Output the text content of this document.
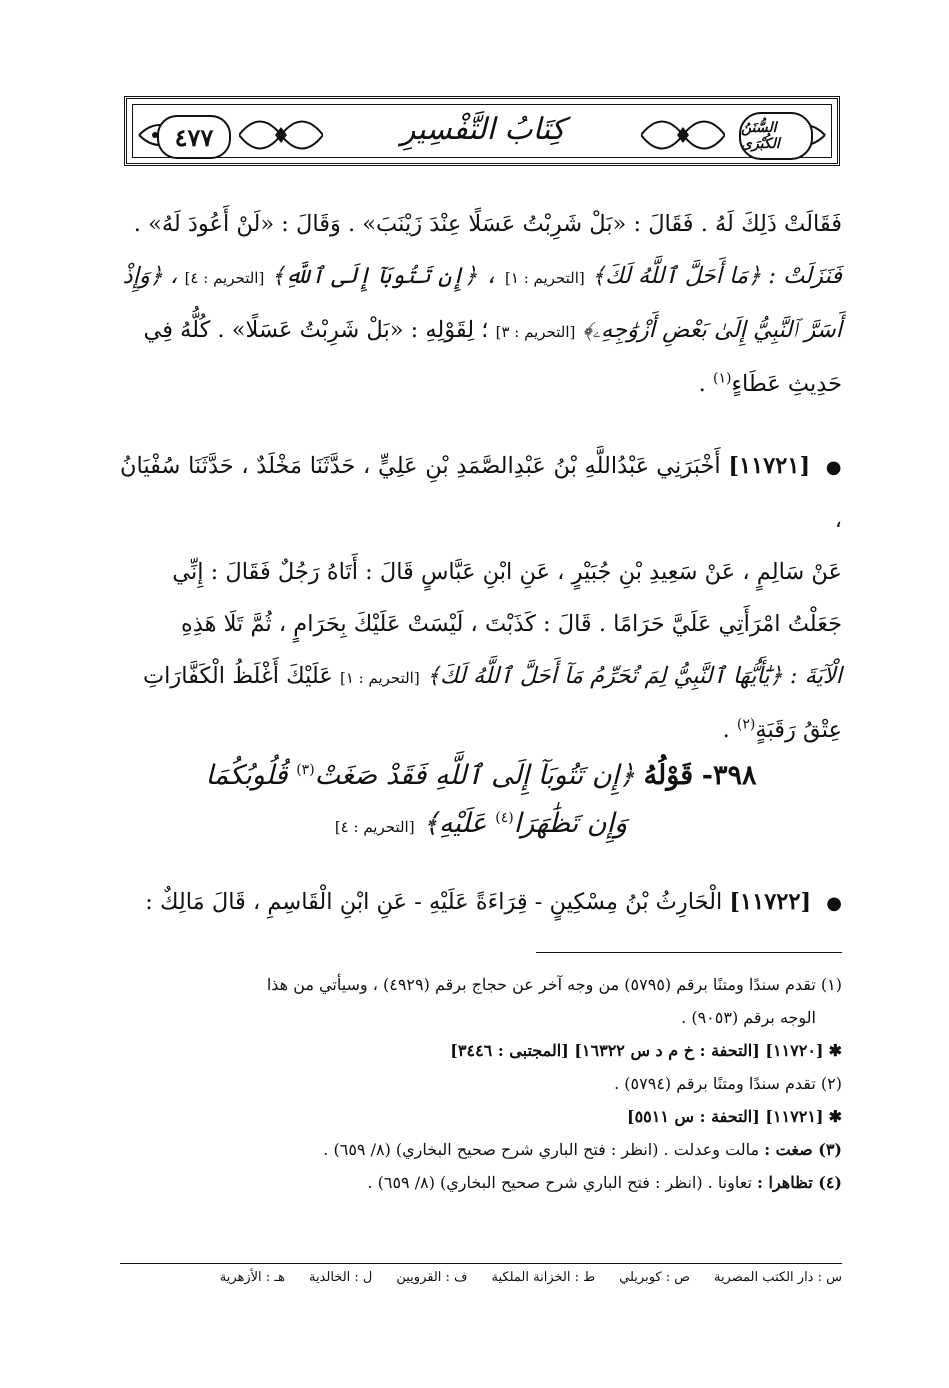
٤٧٧	كِتَابُ التَّفْسِيرِ	السُّنَنُ الكُبْرَى
فَقَالَتْ ذَلِكَ لَهُ . فَقَالَ : «بَلْ شَرِبْتُ عَسَلًا عِنْدَ زَيْنَبَ» . وَقَالَ : «لَنْ أَعُودَ لَهُ» .
فَنَزَلَتْ : ﴿مَا أَحَلَّ ٱللَّهُ لَكَ﴾ [التحريم : ١] ، ﴿إِن تَتُوبَآ إِلَى ٱللَّهِ﴾ [التحريم : ٤] ، ﴿وَإِذْ
أَسَرَّ ٱلنَّبِيُّ إِلَىٰ بَعْضِ أَزْوَٰجِهِۦ﴾ [التحريم : ٣] ؛ لِقَوْلِهِ : «بَلْ شَرِبْتُ عَسَلًا» . كُلُّهُ فِي
حَدِيثِ عَطَاءٍ$^{(١)}$ .
● [١١٧٢١] أَخْبَرَنِي عَبْدُاللَّهِ بْنُ عَبْدِالصَّمَدِ بْنِ عَلِيٍّ ، حَدَّثَنَا مَخْلَدٌ ، حَدَّثَنَا سُفْيَانُ ،
عَنْ سَالِمٍ ، عَنْ سَعِيدِ بْنِ جُبَيْرٍ ، عَنِ ابْنِ عَبَّاسٍ قَالَ : أَتَاهُ رَجُلٌ فَقَالَ : إِنِّي
جَعَلْتُ امْرَأَتِي عَلَيَّ حَرَامًا . قَالَ : كَذَبْتَ ، لَيْسَتْ عَلَيْكَ بِحَرَامٍ ، ثُمَّ تَلَا هَذِهِ
الْآيَةَ : ﴿يَٰٓأَيُّهَا ٱلنَّبِيُّ لِمَ تُحَرِّمُ مَآ أَحَلَّ ٱللَّهُ لَكَ﴾ [التحريم : ١] عَلَيْكَ أَغْلَظُ الْكَفَّارَاتِ
عِتْقُ رَقَبَةٍ$^{(٢)}$ .
٣٩٨- قَوْلُهُ ﴿إِن تَتُوبَآ إِلَى ٱللَّهِ فَقَدْ صَغَتْ$^{(٣)}$ قُلُوبُكُمَا
وَإِن تَظَٰهَرَا$^{(٤)}$ عَلَيْهِ﴾ [التحريم : ٤]
● [١١٧٢٢] الْحَارِثُ بْنُ مِسْكِينٍ - قِرَاءَةً عَلَيْهِ - عَنِ ابْنِ الْقَاسِمِ ، قَالَ مَالِكٌ :
(١) تقدم سندًا ومتنًا برقم (٥٧٩٥) من وجه آخر عن حجاج برقم (٤٩٢٩) ، وسيأتي من هذا
الوجه برقم (٩٠٥٣) .
✱ [١١٧٢٠] [التحفة : خ م د س ١٦٣٢٢] [المجتبى : ٣٤٤٦]
(٢) تقدم سندًا ومتنًا برقم (٥٧٩٤) .
✱ [١١٧٢١] [التحفة : س ٥٥١١]
(٣) صغت : مالت وعدلت . (انظر : فتح الباري شرح صحيح البخاري) (٨/ ٦٥٩) .
(٤) تظاهرا : تعاونا . (انظر : فتح الباري شرح صحيح البخاري) (٨/ ٦٥٩) .
س : دار الكتب المصرية
ص : كوبريلي
ط : الخزانة الملكية
ف : القرويين
ل : الخالدية
هـ : الأزهرية
